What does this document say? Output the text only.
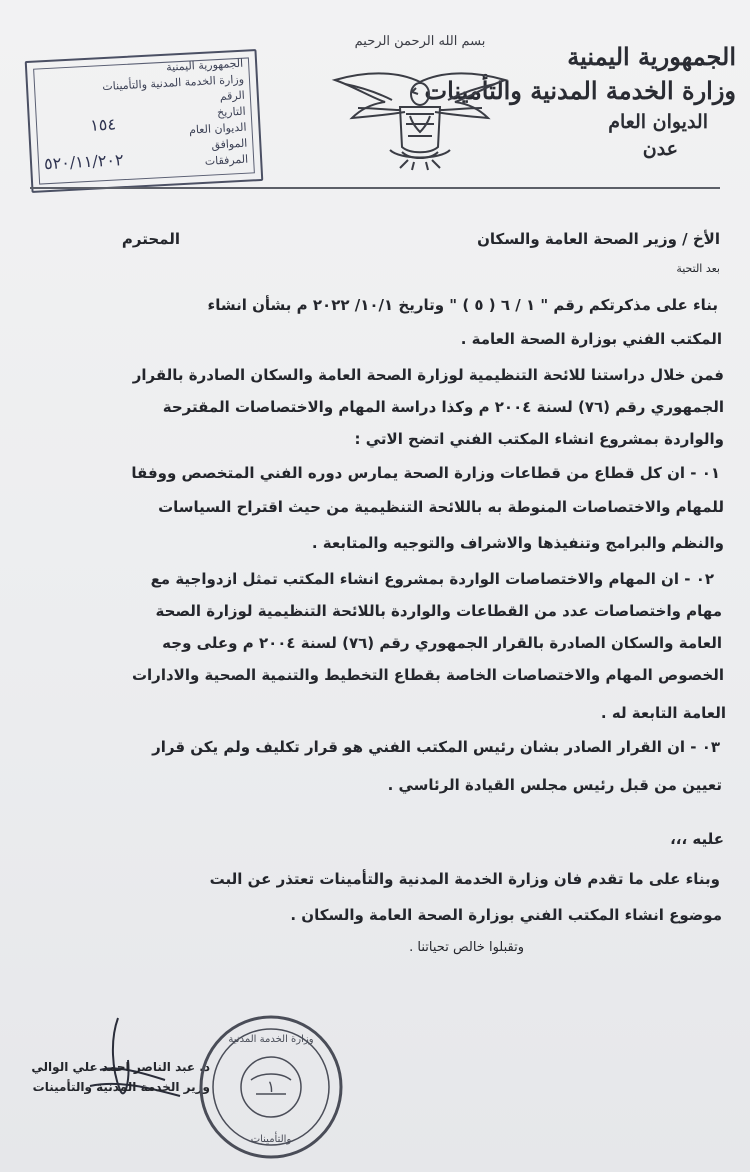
الجمهورية اليمنية
وزارة الخدمة المدنية والتأمينات
الديوان العام
عدن
بسم الله الرحمن الرحيم
الجمهورية اليمنية
وزارة الخدمة المدنية والتأمينات
الرقم
التاريخ
الديوان العام
الموافق
المرفقات
١٥٤
٥٢٠/١١/٢٠٢
الأخ / وزير الصحة العامة والسكان
المحترم
بعد التحية
بناء على مذكرتكم رقم " ١ / ٦ ( ٥ ) " وتاريخ ١٠/١/ ٢٠٢٢ م بشأن انشاء
المكتب الفني بوزارة الصحة العامة .
فمن خلال دراستنا للائحة التنظيمية لوزارة الصحة العامة والسكان الصادرة بالقرار
الجمهوري رقم (٧٦) لسنة ٢٠٠٤ م وكذا دراسة المهام والاختصاصات المقترحة
والواردة بمشروع انشاء المكتب الفني اتضح الاتي :
٠١ - ان كل قطاع من قطاعات وزارة الصحة يمارس دوره الفني المتخصص ووفقا
للمهام والاختصاصات المنوطة به باللائحة التنظيمية من حيث اقتراح السياسات
والنظم والبرامج وتنفيذها والاشراف والتوجيه والمتابعة .
٠٢ - ان المهام والاختصاصات الواردة بمشروع انشاء المكتب تمثل ازدواجية مع
مهام واختصاصات عدد من القطاعات والواردة باللائحة التنظيمية لوزارة الصحة
العامة والسكان الصادرة بالقرار الجمهوري رقم (٧٦) لسنة ٢٠٠٤ م وعلى وجه
الخصوص المهام والاختصاصات الخاصة بقطاع التخطيط والتنمية الصحية والادارات
العامة التابعة له .
٠٣ - ان القرار الصادر بشان رئيس المكتب الفني هو قرار تكليف ولم يكن قرار
تعيين من قبل رئيس مجلس القيادة الرئاسي .
عليه ،،،
وبناء على ما تقدم فان وزارة الخدمة المدنية والتأمينات تعتذر عن البت
موضوع انشاء المكتب الفني بوزارة الصحة العامة والسكان .
وتقبلوا خالص تحياتنا .
د. عبد الناصر احمد علي الوالي
وزير الخدمة المدنية والتأمينات
وزارة الخدمة المدنية
والتأمينات
١
